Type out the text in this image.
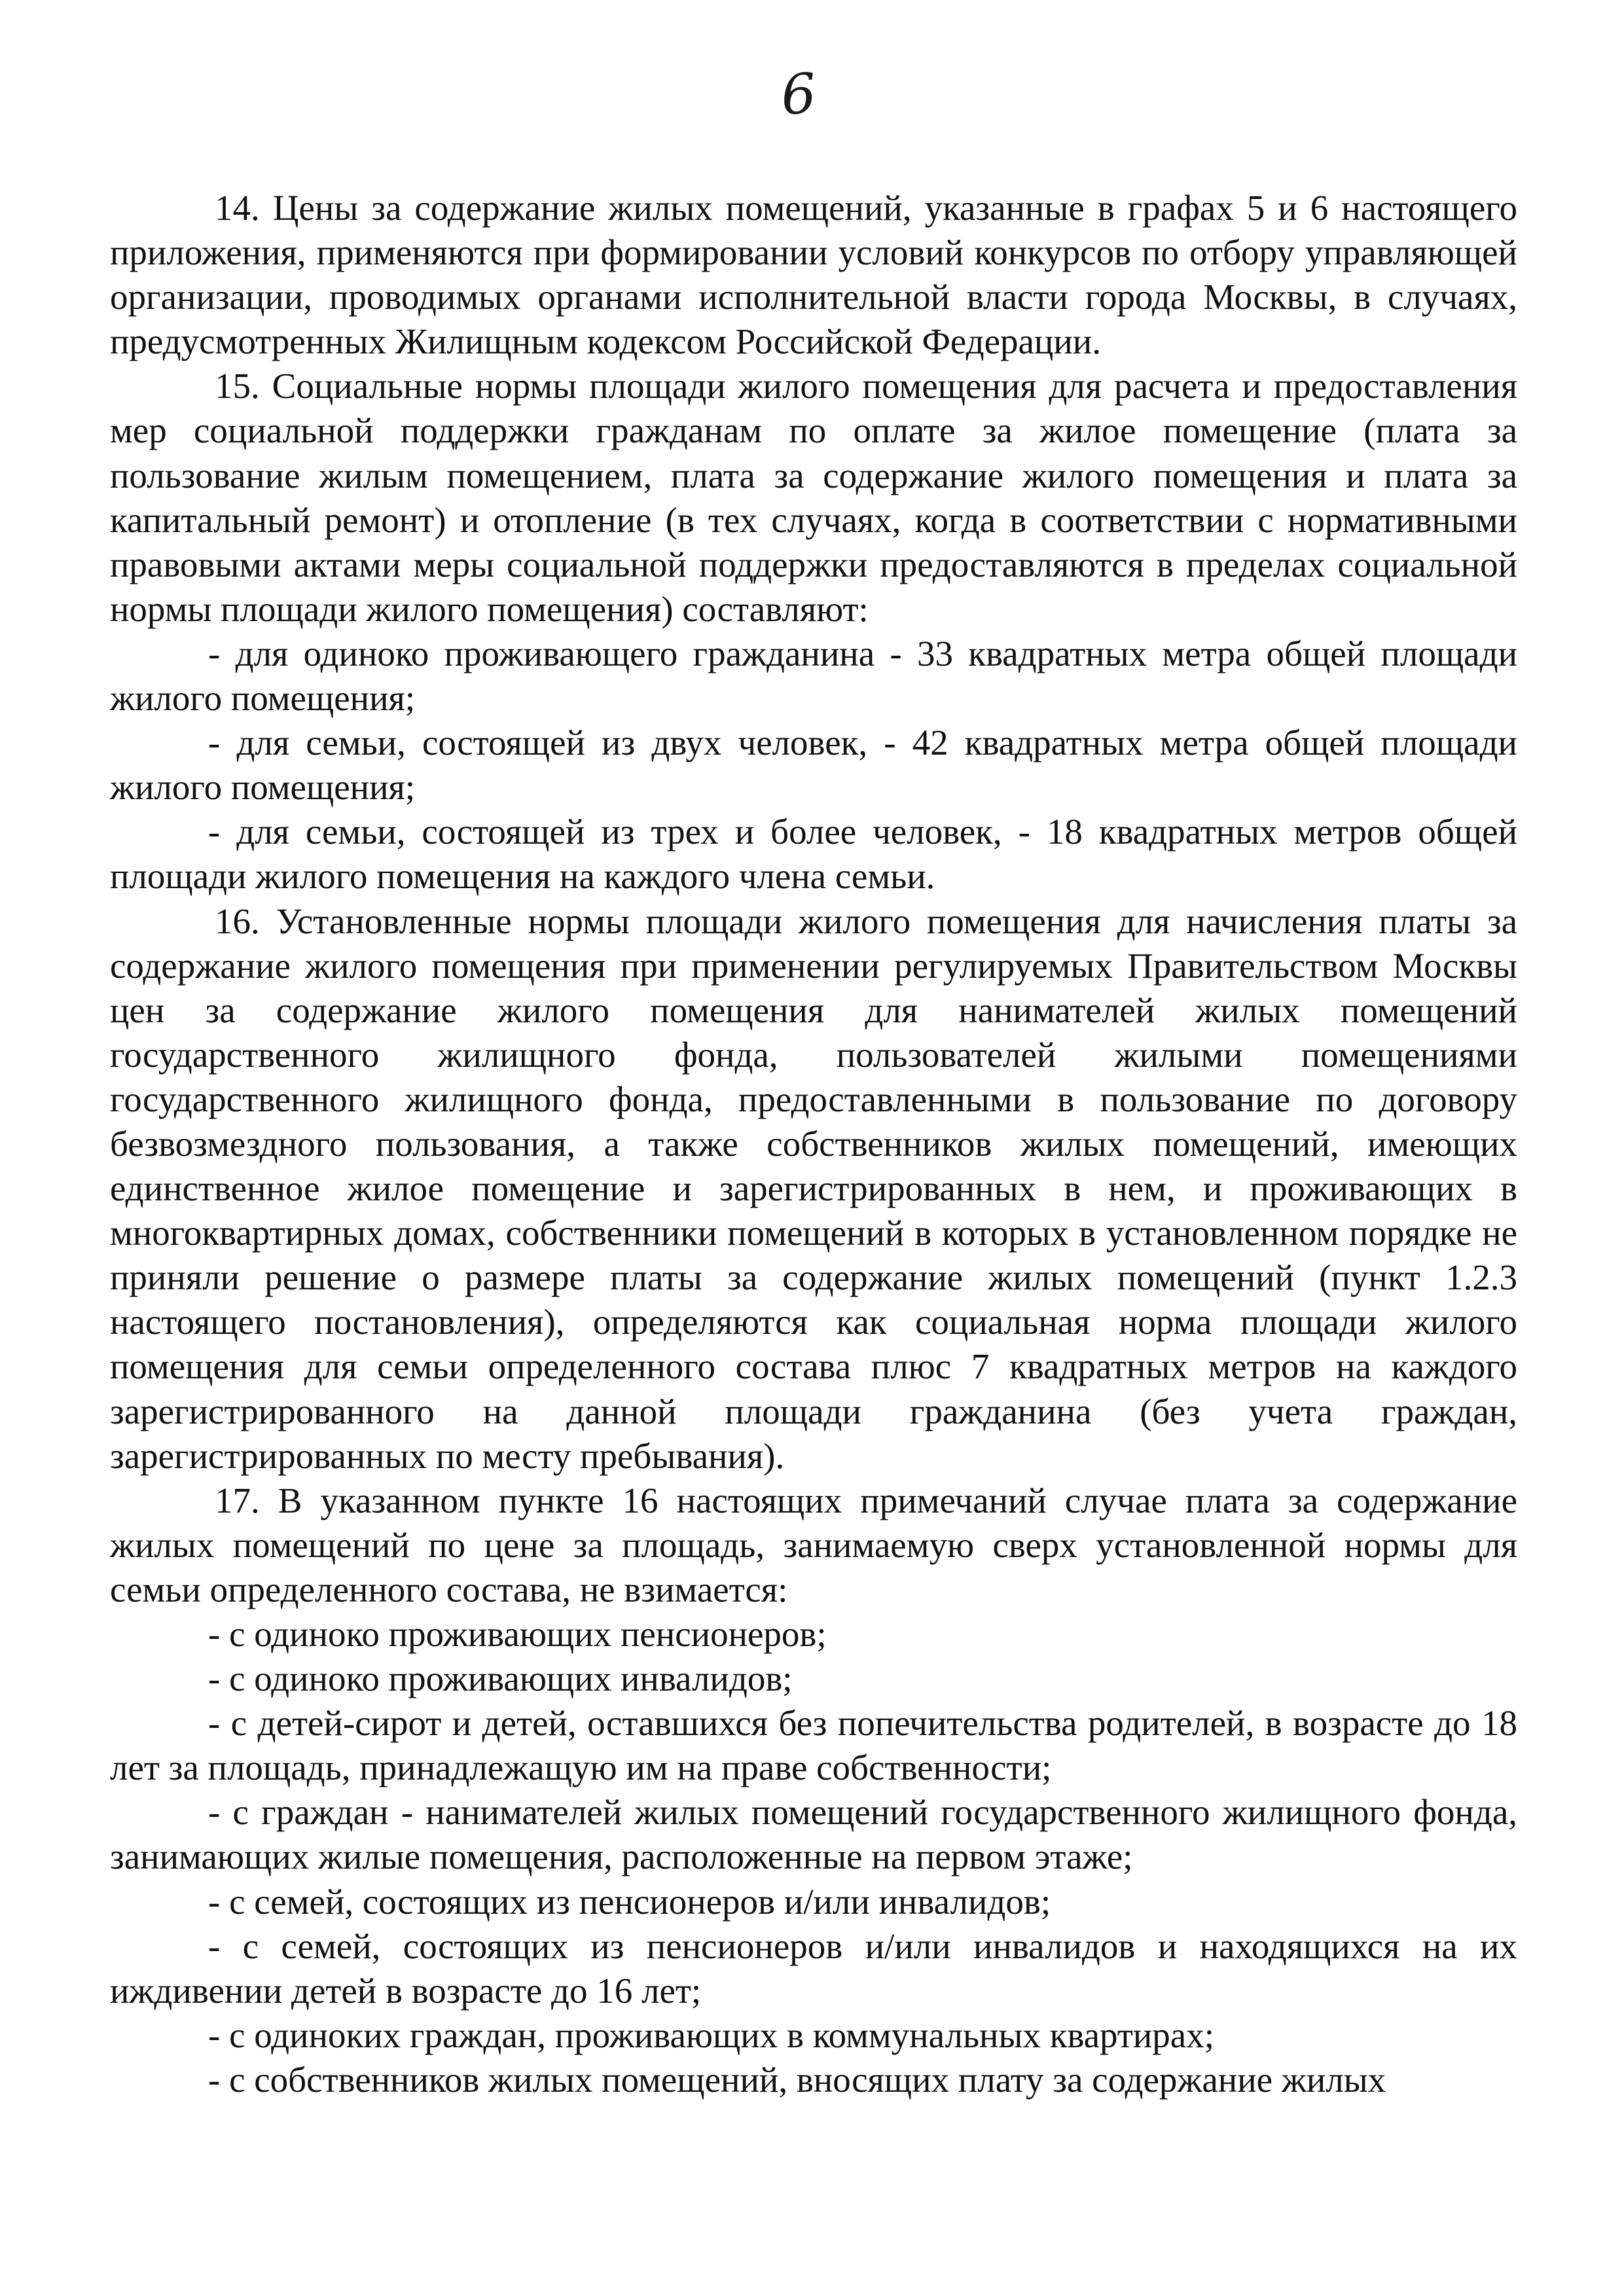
6

14. Цены за содержание жилых помещений, указанные в графах 5 и 6 настоящего приложения, применяются при формировании условий конкурсов по отбору управляющей организации, проводимых органами исполнительной власти города Москвы, в случаях, предусмотренных Жилищным кодексом Российской Федерации.

15. Социальные нормы площади жилого помещения для расчета и предоставления мер социальной поддержки гражданам по оплате за жилое помещение (плата за пользование жилым помещением, плата за содержание жилого помещения и плата за капитальный ремонт) и отопление (в тех случаях, когда в соответствии с нормативными правовыми актами меры социальной поддержки предоставляются в пределах социальной нормы площади жилого помещения) составляют:

- для одиноко проживающего гражданина - 33 квадратных метра общей площади жилого помещения;

- для семьи, состоящей из двух человек, - 42 квадратных метра общей площади жилого помещения;

- для семьи, состоящей из трех и более человек, - 18 квадратных метров общей площади жилого помещения на каждого члена семьи.

16. Установленные нормы площади жилого помещения для начисления платы за содержание жилого помещения при применении регулируемых Правительством Москвы цен за содержание жилого помещения для нанимателей жилых помещений государственного жилищного фонда, пользователей жилыми помещениями государственного жилищного фонда, предоставленными в пользование по договору безвозмездного пользования, а также собственников жилых помещений, имеющих единственное жилое помещение и зарегистрированных в нем, и проживающих в многоквартирных домах, собственники помещений в которых в установленном порядке не приняли решение о размере платы за содержание жилых помещений (пункт 1.2.3 настоящего постановления), определяются как социальная норма площади жилого помещения для семьи определенного состава плюс 7 квадратных метров на каждого зарегистрированного на данной площади гражданина (без учета граждан, зарегистрированных по месту пребывания).

17. В указанном пункте 16 настоящих примечаний случае плата за содержание жилых помещений по цене за площадь, занимаемую сверх установленной нормы для семьи определенного состава, не взимается:

- с одиноко проживающих пенсионеров;

- с одиноко проживающих инвалидов;

- с детей-сирот и детей, оставшихся без попечительства родителей, в возрасте до 18 лет за площадь, принадлежащую им на праве собственности;

- с граждан - нанимателей жилых помещений государственного жилищного фонда, занимающих жилые помещения, расположенные на первом этаже;

- с семей, состоящих из пенсионеров и/или инвалидов;

- с семей, состоящих из пенсионеров и/или инвалидов и находящихся на их иждивении детей в возрасте до 16 лет;

- с одиноких граждан, проживающих в коммунальных квартирах;

- с собственников жилых помещений, вносящих плату за содержание жилых
